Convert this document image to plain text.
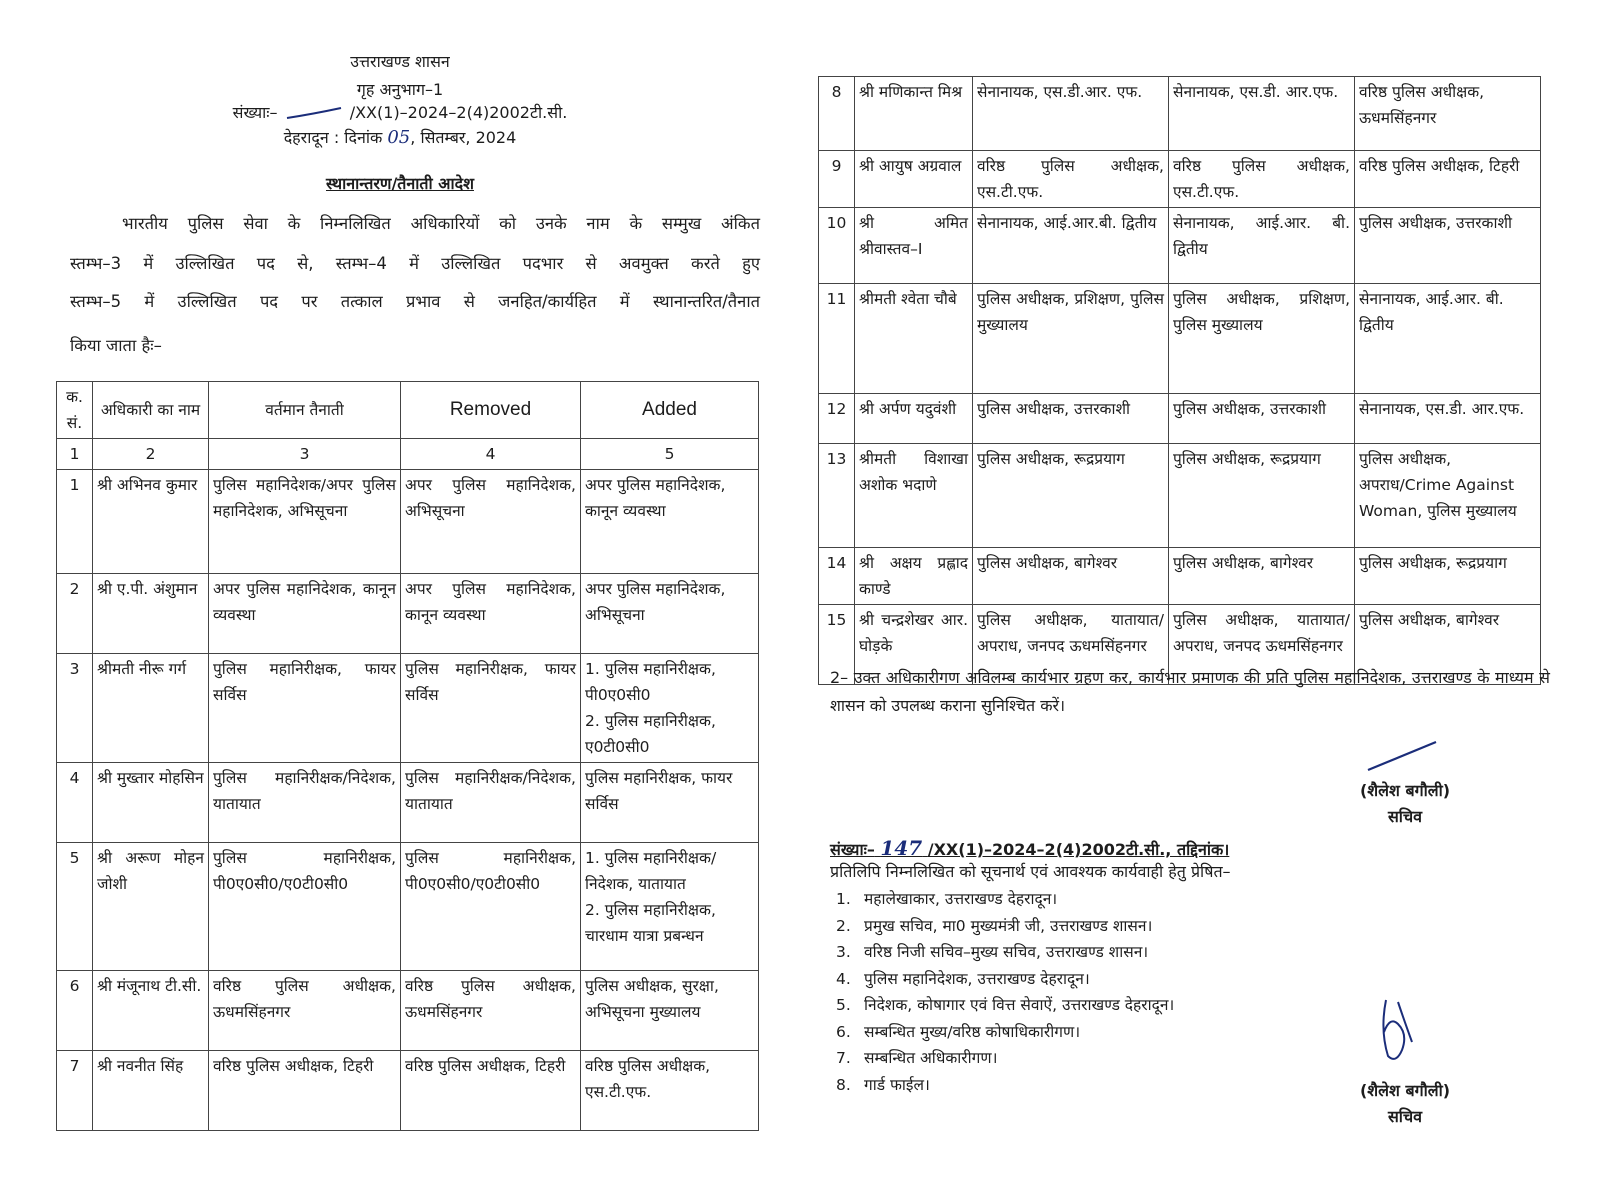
उत्तराखण्ड शासन
गृह अनुभाग–1
संख्याः–	/XX(1)–2024–2(4)2002टी.सी.
देहरादून : दिनांक 05, सितम्बर, 2024
स्थानान्तरण/तैनाती आदेश
भारतीय पुलिस सेवा के निम्नलिखित अधिकारियों को उनके नाम के सम्मुख अंकित
स्तम्भ–3 में उल्लिखित पद से, स्तम्भ–4 में उल्लिखित पदभार से अवमुक्त करते हुए
स्तम्भ–5 में उल्लिखित पद पर तत्काल प्रभाव से जनहित/कार्यहित में स्थानान्तरित/तैनात
किया जाता हैः–
क. सं.	अधिकारी का नाम	वर्तमान तैनाती	Removed	Added
1	2	3	4	5
1	श्री अभिनव कुमार	पुलिस महानिदेशक/अपर पुलिस महानिदेशक, अभिसूचना	अपर पुलिस महानिदेशक, अभिसूचना	अपर पुलिस महानिदेशक, कानून व्यवस्था
2	श्री ए.पी. अंशुमान	अपर पुलिस महानिदेशक, कानून व्यवस्था	अपर पुलिस महानिदेशक, कानून व्यवस्था	अपर पुलिस महानिदेशक, अभिसूचना
3	श्रीमती नीरू गर्ग	पुलिस महानिरीक्षक, फायर सर्विस	पुलिस महानिरीक्षक, फायर सर्विस	1. पुलिस महानिरीक्षक, पी0ए0सी0
2. पुलिस महानिरीक्षक, ए0टी0सी0
4	श्री मुख्तार मोहसिन	पुलिस महानिरीक्षक/निदेशक, यातायात	पुलिस महानिरीक्षक/निदेशक, यातायात	पुलिस महानिरीक्षक, फायर सर्विस
5	श्री अरूण मोहन जोशी	पुलिस महानिरीक्षक, पी0ए0सी0/ए0टी0सी0	पुलिस महानिरीक्षक, पी0ए0सी0/ए0टी0सी0	1. पुलिस महानिरीक्षक/निदेशक, यातायात
2. पुलिस महानिरीक्षक, चारधाम यात्रा प्रबन्धन
6	श्री मंजूनाथ टी.सी.	वरिष्ठ पुलिस अधीक्षक, ऊधमसिंहनगर	वरिष्ठ पुलिस अधीक्षक, ऊधमसिंहनगर	पुलिस अधीक्षक, सुरक्षा, अभिसूचना मुख्यालय
7	श्री नवनीत सिंह	वरिष्ठ पुलिस अधीक्षक, टिहरी	वरिष्ठ पुलिस अधीक्षक, टिहरी	वरिष्ठ पुलिस अधीक्षक, एस.टी.एफ.
8	श्री मणिकान्त मिश्र	सेनानायक, एस.डी.आर. एफ.	सेनानायक, एस.डी. आर.एफ.	वरिष्ठ पुलिस अधीक्षक, ऊधमसिंहनगर
9	श्री आयुष अग्रवाल	वरिष्ठ पुलिस अधीक्षक, एस.टी.एफ.	वरिष्ठ पुलिस अधीक्षक, एस.टी.एफ.	वरिष्ठ पुलिस अधीक्षक, टिहरी
10	श्री अमित श्रीवास्तव–I	सेनानायक, आई.आर.बी. द्वितीय	सेनानायक, आई.आर. बी. द्वितीय	पुलिस अधीक्षक, उत्तरकाशी
11	श्रीमती श्वेता चौबे	पुलिस अधीक्षक, प्रशिक्षण, पुलिस मुख्यालय	पुलिस अधीक्षक, प्रशिक्षण, पुलिस मुख्यालय	सेनानायक, आई.आर. बी. द्वितीय
12	श्री अर्पण यदुवंशी	पुलिस अधीक्षक, उत्तरकाशी	पुलिस अधीक्षक, उत्तरकाशी	सेनानायक, एस.डी. आर.एफ.
13	श्रीमती विशाखा अशोक भदाणे	पुलिस अधीक्षक, रूद्रप्रयाग	पुलिस अधीक्षक, रूद्रप्रयाग	पुलिस अधीक्षक, अपराध/Crime Against Woman, पुलिस मुख्यालय
14	श्री अक्षय प्रह्लाद काण्डे	पुलिस अधीक्षक, बागेश्वर	पुलिस अधीक्षक, बागेश्वर	पुलिस अधीक्षक, रूद्रप्रयाग
15	श्री चन्द्रशेखर आर. घोड़के	पुलिस अधीक्षक, यातायात/अपराध, जनपद ऊधमसिंहनगर	पुलिस अधीक्षक, यातायात/अपराध, जनपद ऊधमसिंहनगर	पुलिस अधीक्षक, बागेश्वर
2– उक्त अधिकारीगण अविलम्ब कार्यभार ग्रहण कर, कार्यभार प्रमाणक की प्रति पुलिस महानिदेशक, उत्तराखण्ड के माध्यम से शासन को उपलब्ध कराना सुनिश्चित करें।
(शैलेश बगौली)
सचिव
संख्याः– 147 /XX(1)–2024–2(4)2002टी.सी., तद्दिनांक।
प्रतिलिपि निम्नलिखित को सूचनार्थ एवं आवश्यक कार्यवाही हेतु प्रेषित–
1. महालेखाकार, उत्तराखण्ड देहरादून।
2. प्रमुख सचिव, मा0 मुख्यमंत्री जी, उत्तराखण्ड शासन।
3. वरिष्ठ निजी सचिव–मुख्य सचिव, उत्तराखण्ड शासन।
4. पुलिस महानिदेशक, उत्तराखण्ड देहरादून।
5. निदेशक, कोषागार एवं वित्त सेवाऐं, उत्तराखण्ड देहरादून।
6. सम्बन्धित मुख्य/वरिष्ठ कोषाधिकारीगण।
7. सम्बन्धित अधिकारीगण।
8. गार्ड फाईल।	(शैलेश बगौली)
सचिव
